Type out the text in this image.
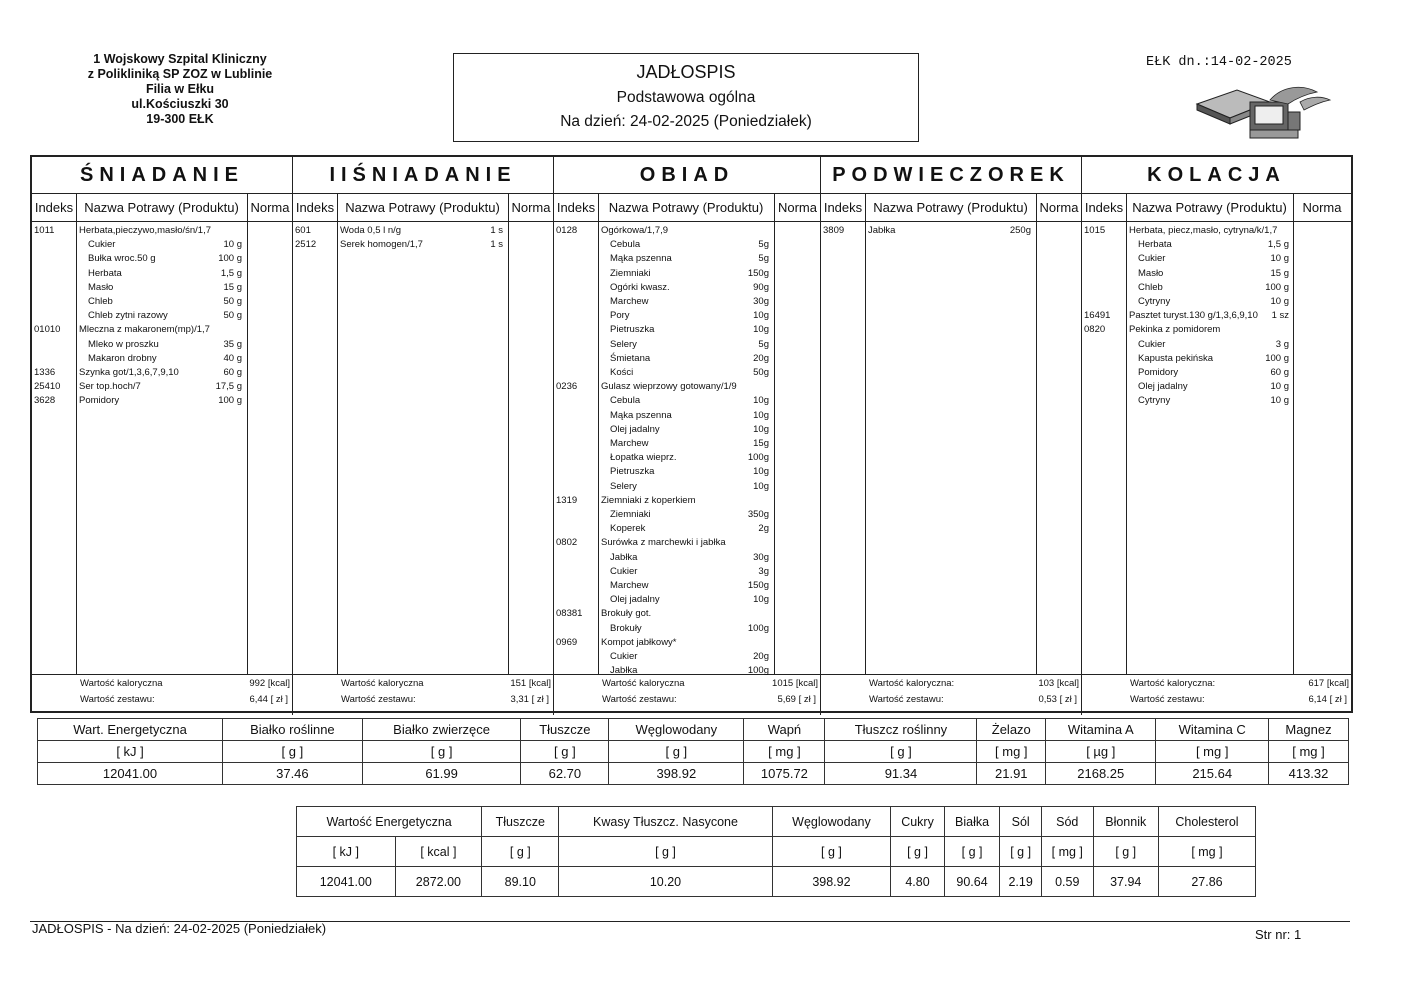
1 Wojskowy Szpital Kliniczny
z Polikliniką SP ZOZ w Lublinie
Filia w Ełku
ul.Kościuszki 30
19-300 EŁK
JADŁOSPIS
Podstawowa ogólna
Na dzień: 24-02-2025 (Poniedziałek)
EŁK dn.:14-02-2025
ŚNIADANIE
Indeks Nazwa Potrawy (Produktu) Norma
1011	Herbata,pieczywo,masło/śn/1,7
Cukier	10 g
Bułka wroc.50 g	100 g
Herbata	1,5 g
Masło	15 g
Chleb	50 g
Chleb zytni razowy	50 g
01010 Mleczna z makaronem(mp)/1,7
Mleko w proszku	35 g
Makaron drobny	40 g
1336	Szynka got/1,3,6,7,9,10	60 g
25410 Ser top.hoch/7	17,5 g
3628	Pomidory	100 g
Wartość kaloryczna	992 [kcal]
Wartość zestawu:	6,44 [ zł ]
IIŚNIADANIE
Indeks Nazwa Potrawy (Produktu) Norma
601	Woda 0,5 l n/g	1 s
2512	Serek homogen/1,7	1 s
Wartość kaloryczna	151 [kcal]
Wartość zestawu:	3,31 [ zł ]
OBIAD
Indeks	Nazwa Potrawy (Produktu)	Norma
0128	Ogórkowa/1,7,9
Cebula	5g
Mąka pszenna	5g
Ziemniaki	150g
Ogórki kwasz.	90g
Marchew	30g
Pory	10g
Pietruszka	10g
Selery	5g
Śmietana	20g
Kości	50g
0236	Gulasz wieprzowy gotowany/1/9
Cebula	10g
Mąka pszenna	10g
Olej jadalny	10g
Marchew	15g
Łopatka wieprz.	100g
Pietruszka	10g
Selery	10g
1319	Ziemniaki z koperkiem
Ziemniaki	350g
Koperek	2g
0802	Surówka z marchewki i jabłka
Jabłka	30g
Cukier	3g
Marchew	150g
Olej jadalny	10g
08381 Brokuły got.
Brokuły	100g
0969	Kompot jabłkowy*
Cukier	20g
Jabłka	100g
Wartość kaloryczna	1015 [kcal]
Wartość zestawu:	5,69 [ zł ]
PODWIECZOREK
Indeks Nazwa Potrawy (Produktu) Norma
3809	Jabłka	250g
Wartość kaloryczna:	103 [kcal]
Wartość zestawu:	0,53 [ zł ]
KOLACJA
Indeks Nazwa Potrawy (Produktu)	Norma
1015	Herbata, piecz,masło, cytryna/k/1,7
Herbata	1,5 g
Cukier	10 g
Masło	15 g
Chleb	100 g
Cytryny	10 g
16491 Pasztet turyst.130 g/1,3,6,9,10 1 sz
0820	Pekinka z pomidorem
Cukier	3 g
Kapusta pekińska	100 g
Pomidory	60 g
Olej jadalny	10 g
Cytryny	10 g
Wartość kaloryczna:	617 [kcal]
Wartość zestawu:	6,14 [ zł ]
Wart. Energetyczna	Białko roślinne	Białko zwierzęce	Tłuszcze	Węglowodany	Wapń	Tłuszcz roślinny	Żelazo	Witamina A	Witamina C	Magnez
[ kJ ]	[ g ]	[ g ]	[ g ]	[ g ]	[ mg ]	[ g ]	[ mg ]	[ µg ]	[ mg ]	[ mg ]
12041.00	37.46	61.99	62.70	398.92	1075.72	91.34	21.91	2168.25	215.64	413.32
Wartość Energetyczna		Tłuszcze	Kwasy Tłuszcz. Nasycone	Węglowodany	Cukry	Białka	Sól	Sód	Błonnik	Cholesterol
[ kJ ]	[ kcal ]	[ g ]	[ g ]	[ g ]	[ g ]	[ g ]	[ g ]	[ mg ]	[ g ]	[ mg ]
12041.00	2872.00	89.10	10.20	398.92	4.80	90.64	2.19	0.59	37.94	27.86
JADŁOSPIS - Na dzień: 24-02-2025 (Poniedziałek)	Str nr: 1
